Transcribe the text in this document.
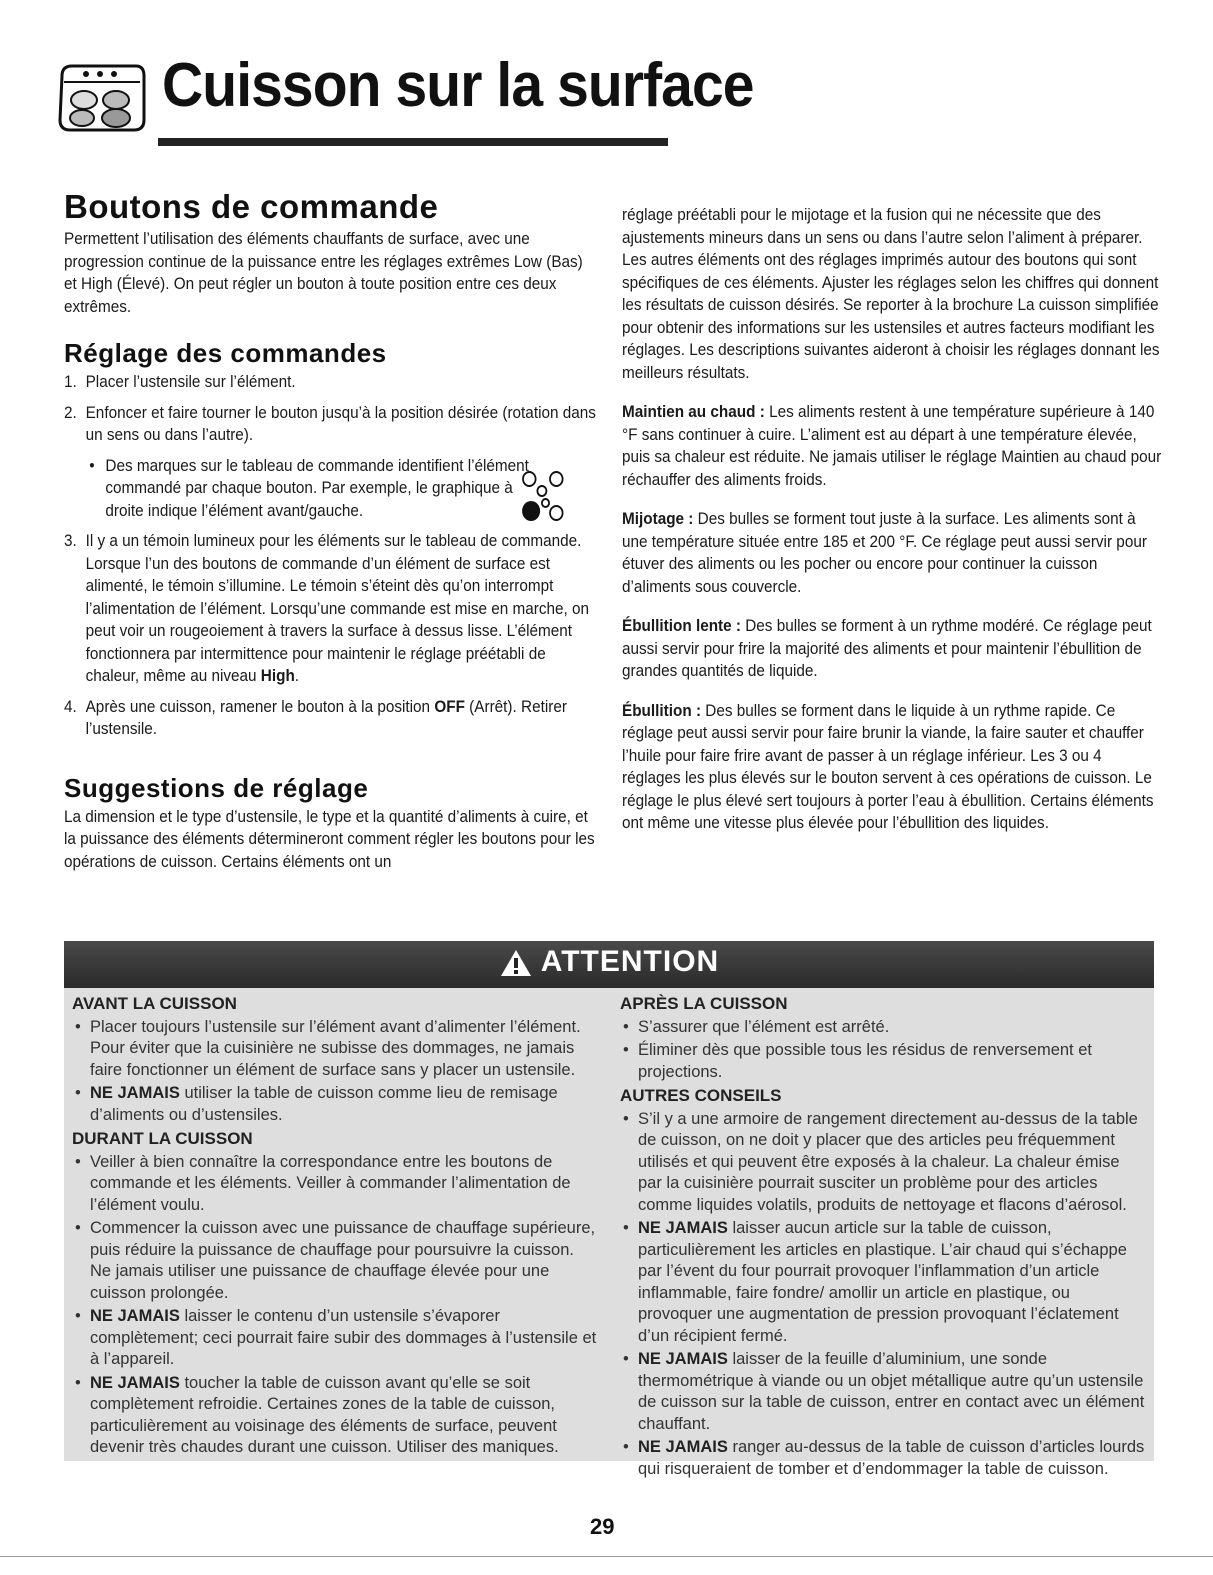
Cuisson sur la surface
Boutons de commande

Permettent l’utilisation des éléments chauffants de surface, avec une progression continue de la puissance entre les réglages extrêmes Low (Bas) et High (Élevé). On peut régler un bouton à toute position entre ces deux extrêmes.

Réglage des commandes
1. Placer l’ustensile sur l’élément.
2. Enfoncer et faire tourner le bouton jusqu’à la position désirée (rotation dans un sens ou dans l’autre).
• Des marques sur le tableau de commande identifient l’élément commandé par chaque bouton. Par exemple, le graphique à droite indique l’élément avant/gauche.
3. Il y a un témoin lumineux pour les éléments sur le tableau de commande. Lorsque l’un des boutons de commande d’un élément de surface est alimenté, le témoin s’illumine. Le témoin s’éteint dès qu’on interrompt l’alimentation de l’élément. Lorsqu’une commande est mise en marche, on peut voir un rougeoiement à travers la surface à dessus lisse. L’élément fonctionnera par intermittence pour maintenir le réglage préétabli de chaleur, même au niveau High.
4. Après une cuisson, ramener le bouton à la position OFF (Arrêt). Retirer l’ustensile.
Suggestions de réglage

La dimension et le type d’ustensile, le type et la quantité d’aliments à cuire, et la puissance des éléments détermineront comment régler les boutons pour les opérations de cuisson. Certains éléments ont un

réglage préétabli pour le mijotage et la fusion qui ne nécessite que des ajustements mineurs dans un sens ou dans l’autre selon l’aliment à préparer. Les autres éléments ont des réglages imprimés autour des boutons qui sont spécifiques de ces éléments. Ajuster les réglages selon les chiffres qui donnent les résultats de cuisson désirés. Se reporter à la brochure La cuisson simplifiée pour obtenir des informations sur les ustensiles et autres facteurs modifiant les réglages. Les descriptions suivantes aideront à choisir les réglages donnant les meilleurs résultats.

Maintien au chaud : Les aliments restent à une température supérieure à 140 °F sans continuer à cuire. L’aliment est au départ à une température élevée, puis sa chaleur est réduite. Ne jamais utiliser le réglage Maintien au chaud pour réchauffer des aliments froids.

Mijotage : Des bulles se forment tout juste à la surface. Les aliments sont à une température située entre 185 et 200 °F. Ce réglage peut aussi servir pour étuver des aliments ou les pocher ou encore pour continuer la cuisson d’aliments sous couvercle.

Ébullition lente : Des bulles se forment à un rythme modéré. Ce réglage peut aussi servir pour frire la majorité des aliments et pour maintenir l’ébullition de grandes quantités de liquide.

Ébullition : Des bulles se forment dans le liquide à un rythme rapide. Ce réglage peut aussi servir pour faire brunir la viande, la faire sauter et chauffer l’huile pour faire frire avant de passer à un réglage inférieur. Les 3 ou 4 réglages les plus élevés sur le bouton servent à ces opérations de cuisson. Le réglage le plus élevé sert toujours à porter l’eau à ébullition. Certains éléments ont même une vitesse plus élevée pour l’ébullition des liquides.

ATTENTION

AVANT LA CUISSON

• Placer toujours l’ustensile sur l’élément avant d’alimenter l’élément. Pour éviter que la cuisinière ne subisse des dommages, ne jamais faire fonctionner un élément de surface sans y placer un ustensile.
• NE JAMAIS utiliser la table de cuisson comme lieu de remisage d’aliments ou d’ustensiles.

DURANT LA CUISSON

• Veiller à bien connaître la correspondance entre les boutons de commande et les éléments. Veiller à commander l’alimentation de l’élément voulu.
• Commencer la cuisson avec une puissance de chauffage supérieure, puis réduire la puissance de chauffage pour poursuivre la cuisson. Ne jamais utiliser une puissance de chauffage élevée pour une cuisson prolongée.
• NE JAMAIS laisser le contenu d’un ustensile s’évaporer complètement; ceci pourrait faire subir des dommages à l’ustensile et à l’appareil.
• NE JAMAIS toucher la table de cuisson avant qu’elle se soit complètement refroidie. Certaines zones de la table de cuisson, particulièrement au voisinage des éléments de surface, peuvent devenir très chaudes durant une cuisson. Utiliser des maniques.

APRÈS LA CUISSON

• S’assurer que l’élément est arrêté.
• Éliminer dès que possible tous les résidus de renversement et projections.

AUTRES CONSEILS

• S’il y a une armoire de rangement directement au-dessus de la table de cuisson, on ne doit y placer que des articles peu fréquemment utilisés et qui peuvent être exposés à la chaleur. La chaleur émise par la cuisinière pourrait susciter un problème pour des articles comme liquides volatils, produits de nettoyage et flacons d’aérosol.
• NE JAMAIS laisser aucun article sur la table de cuisson, particulièrement les articles en plastique. L’air chaud qui s’échappe par l’évent du four pourrait provoquer l’inflammation d’un article inflammable, faire fondre/ amollir un article en plastique, ou provoquer une augmentation de pression provoquant l’éclatement d’un récipient fermé.
• NE JAMAIS laisser de la feuille d’aluminium, une sonde thermométrique à viande ou un objet métallique autre qu’un ustensile de cuisson sur la table de cuisson, entrer en contact avec un élément chauffant.
• NE JAMAIS ranger au-dessus de la table de cuisson d’articles lourds qui risqueraient de tomber et d’endommager la table de cuisson.
29
